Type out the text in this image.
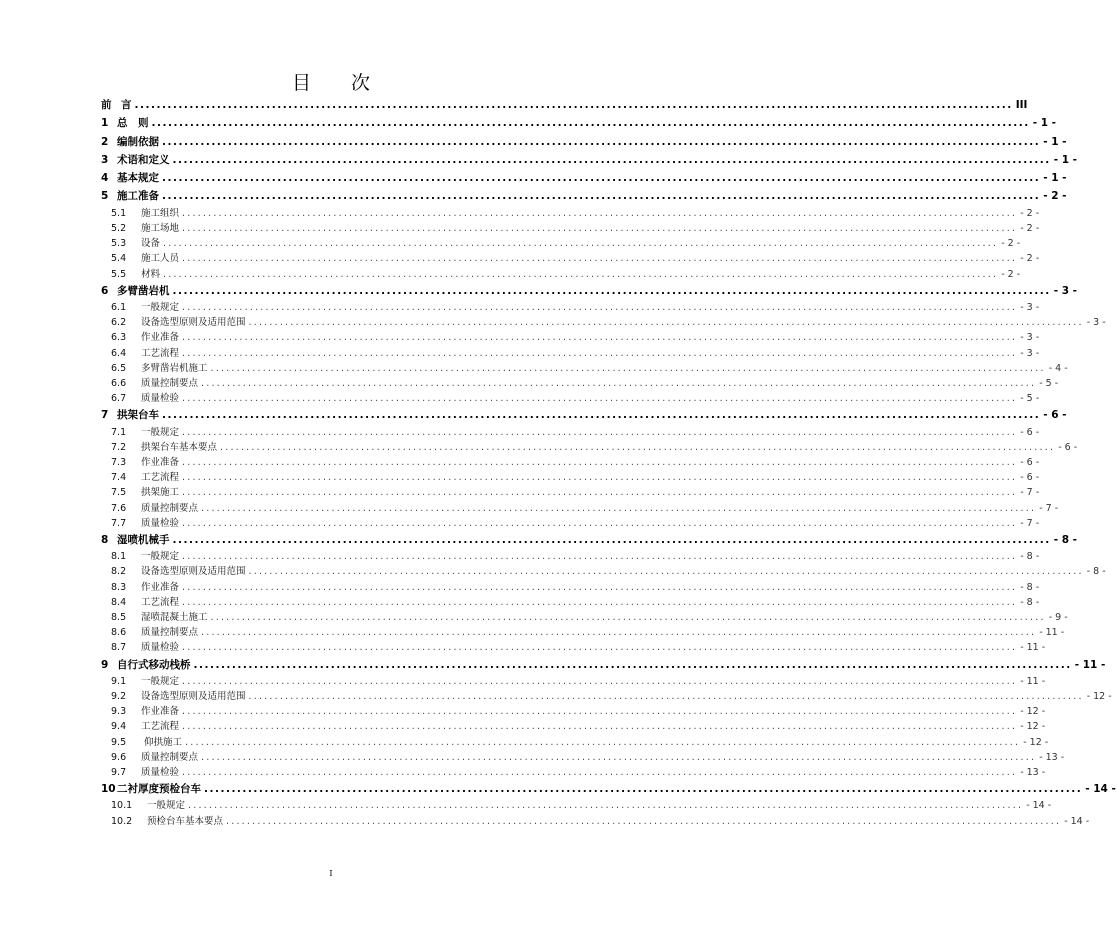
目 次
前 言 ................................................................................................................................................................ III
1 总　则 ................................................................................................................................................................ - 1 -
2 编制依据 ................................................................................................................................................................ - 1 -
3 术语和定义 ................................................................................................................................................................ - 1 -
4 基本规定 ................................................................................................................................................................ - 1 -
5 施工准备 ................................................................................................................................................................ - 2 -
5.1	施工组织 ................................................................................................................................................................ - 2 -
5.2	施工场地 ................................................................................................................................................................ - 2 -
5.3	设备 ................................................................................................................................................................ - 2 -
5.4	施工人员 ................................................................................................................................................................ - 2 -
5.5	材料 ................................................................................................................................................................ - 2 -
6 多臂凿岩机 ................................................................................................................................................................ - 3 -
6.1	一般规定 ................................................................................................................................................................ - 3 -
6.2	设备选型原则及适用范围 ................................................................................................................................................................ - 3 -
6.3	作业准备 ................................................................................................................................................................ - 3 -
6.4	工艺流程 ................................................................................................................................................................ - 3 -
6.5	多臂凿岩机施工 ................................................................................................................................................................ - 4 -
6.6	质量控制要点 ................................................................................................................................................................ - 5 -
6.7	质量检验 ................................................................................................................................................................ - 5 -
7 拱架台车 ................................................................................................................................................................ - 6 -
7.1	一般规定 ................................................................................................................................................................ - 6 -
7.2	拱架台车基本要点 ................................................................................................................................................................ - 6 -
7.3	作业准备 ................................................................................................................................................................ - 6 -
7.4	工艺流程 ................................................................................................................................................................ - 6 -
7.5	拱架施工 ................................................................................................................................................................ - 7 -
7.6	质量控制要点 ................................................................................................................................................................ - 7 -
7.7	质量检验 ................................................................................................................................................................ - 7 -
8 湿喷机械手 ................................................................................................................................................................ - 8 -
8.1	一般规定 ................................................................................................................................................................ - 8 -
8.2	设备选型原则及适用范围 ................................................................................................................................................................ - 8 -
8.3	作业准备 ................................................................................................................................................................ - 8 -
8.4	工艺流程 ................................................................................................................................................................ - 8 -
8.5	湿喷混凝土施工 ................................................................................................................................................................ - 9 -
8.6	质量控制要点 ................................................................................................................................................................ - 11 -
8.7	质量检验 ................................................................................................................................................................ - 11 -
9 自行式移动栈桥 ................................................................................................................................................................ - 11 -
9.1	一般规定 ................................................................................................................................................................ - 11 -
9.2	设备选型原则及适用范围 ................................................................................................................................................................ - 12 -
9.3	作业准备 ................................................................................................................................................................ - 12 -
9.4	工艺流程 ................................................................................................................................................................ - 12 -
9.5	仰拱施工 ................................................................................................................................................................ - 12 -
9.6	质量控制要点 ................................................................................................................................................................ - 13 -
9.7	质量检验 ................................................................................................................................................................ - 13 -
10 二衬厚度预检台车 ................................................................................................................................................................ - 14 -
10.1	一般规定 ................................................................................................................................................................ - 14 -
10.2	预检台车基本要点 ................................................................................................................................................................ - 14 -
I
